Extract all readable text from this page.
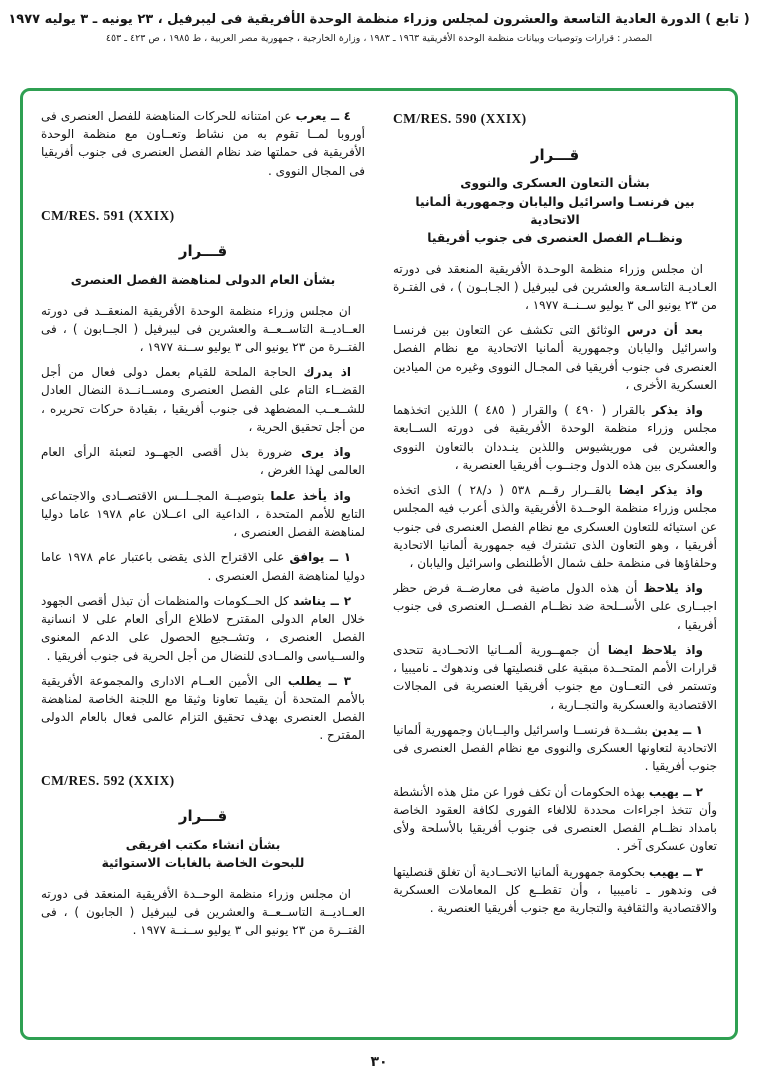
( تابع ) الدورة العادية التاسعة والعشرون لمجلس وزراء منظمة الوحدة الأفريقية فى ليبرفيل ، ٢٣ يونيه ـ ٣ يوليه ١٩٧٧
المصدر : قرارات وتوصيات وبيانات منظمة الوحدة الأفريقية ١٩٦٣ ـ ١٩٨٣ ، وزارة الخارجية ، جمهورية مصر العربية ، ط ١٩٨٥ ، ص ٤٢٣ ـ ٤٥٣
CM/RES. 590 (XXIX)
قـــرار
بشأن التعاون العسكرى والنووى
بين فرنسـا واسرائيل واليابان وجمهورية ألمانيا الاتحادية
ونظــام الفصل العنصرى فى جنوب أفريقيا

ان مجلس وزراء منظمة الوحـدة الأفريقية المنعقد فى دورته العـاديـة التاسـعة والعشرين فى ليبرفيل ( الجـابـون ) ، فى الفتـرة من ٢٣ يونيو الى ٣ يوليو ســنــة ١٩٧٧ ،

بعد أن درس الوثائق التى تكشف عن التعاون بين فرنسـا واسرائيل واليابان وجمهورية ألمانيا الاتحادية مع نظام الفصل العنصرى فى جنوب أفريقيا فى المجـال النووى وغيره من الميادين العسكرية الأخرى ،

واذ يذكر بالقرار ( ٤٩٠ ) والقرار ( ٤٨٥ ) اللذين اتخذهما مجلس وزراء منظمة الوحدة الأفريقية فى دورته الســابعة والعشرين فى موريشيوس واللذين ينـددان بالتعاون النووى والعسكرى بين هذه الدول وجنــوب أفريقيا العنصرية ،

واذ يذكر ايضا بالقــرار رقــم ٥٣٨ ( د/٢٨ ) الذى اتخذه مجلس وزراء منظمة الوحــدة الأفريقية والذى أعرب فيه المجلس عن استيائه للتعاون العسكرى مع نظام الفصل العنصرى فى جنوب أفريقيا ، وهو التعاون الذى تشترك فيه جمهورية ألمانيا الاتحادية وحلفاؤها فى منظمة حلف شمال الأطلنطى واسرائيل واليابان ،

واذ يلاحظ أن هذه الدول ماضية فى معارضــة فرض حظر اجبــارى على الأســلحة ضد نظــام الفصــل العنصرى فى جنوب أفريقيا ،

واذ يلاحظ ايضا أن جمهــورية ألمــانيا الاتحــادية تتحدى قرارات الأمم المتحــدة مبقية على قنصليتها فى وندهوك ـ ناميبيا ، وتستمر فى التعــاون مع جنوب أفريقيا العنصرية فى المجالات الاقتصادية والعسكرية والتجــارية ،

١ ــ يدين بشــدة فرنســا واسرائيل واليــابان وجمهورية ألمانيا الاتحادية لتعاونها العسكرى والنووى مع نظام الفصل العنصرى فى جنوب أفريقيا .

٢ ــ يهيب بهذه الحكومات أن تكف فورا عن مثل هذه الأنشطة وأن تتخذ اجراءات محددة للالغاء الفورى لكافة العقود الخاصة بامداد نظــام الفصل العنصرى فى جنوب أفريقيا بالأسلحة ولأى تعاون عسكرى آخر .

٣ ــ يهيب بحكومة جمهورية ألمانيا الاتحــادية أن تغلق قنصليتها فى وندهور ـ ناميبيا ، وأن تقطــع كل المعاملات العسكرية والاقتصادية والثقافية والتجارية مع جنوب أفريقيا العنصرية .

٤ ــ يعرب عن امتنانه للحركات المناهضة للفصل العنصرى فى أوروبا لمــا تقوم به من نشاط وتعــاون مع منظمة الوحدة الأفريقية فى حملتها ضد نظام الفصل العنصرى فى جنوب أفريقيا فى المجال النووى .

CM/RES. 591 (XXIX)
قـــرار
بشأن العام الدولى لمناهضة الفصل العنصرى

ان مجلس وزراء منظمة الوحدة الأفريقية المنعقــد فى دورته العــاديــة التاســعــة والعشرين فى ليبرفيل ( الجــابون ) ، فى الفتــرة من ٢٣ يونيو الى ٣ يوليو ســنة ١٩٧٧ ،

اذ يدرك الحاجة الملحة للقيام بعمل دولى فعال من أجل القضــاء التام على الفصل العنصرى ومســانــدة النضال العادل للشــعــب المضطهد فى جنوب أفريقيا ، بقيادة حركات تحريره ، من أجل تحقيق الحرية ،

واذ يرى ضرورة بذل أقصى الجهــود لتعبئة الرأى العام العالمى لهذا الغرض ،

واذ يأخذ علما بتوصيــة المجــلــس الاقتصــادى والاجتماعى التابع للأمم المتحدة ، الداعية الى اعــلان عام ١٩٧٨ عاما دوليا لمناهضة الفصل العنصرى ،

١ ــ يوافق على الاقتراح الذى يقضى باعتبار عام ١٩٧٨ عاما دوليا لمناهضة الفصل العنصرى .

٢ ــ يناشد كل الحــكومات والمنظمات أن تبذل أقصى الجهود خلال العام الدولى المقترح لاطلاع الرأى العام على لا انسانية الفصل العنصرى ، وتشــجيع الحصول على الدعم المعنوى والســياسى والمــادى للنضال من أجل الحرية فى جنوب أفريقيا .

٣ ــ يطلب الى الأمين العــام الادارى والمجموعة الأفريقية بالأمم المتحدة أن يقيما تعاونا وثيقا مع اللجنة الخاصة لمناهضة الفصل العنصرى بهدف تحقيق التزام عالمى فعال بالعام الدولى المقترح .

CM/RES. 592 (XXIX)
قـــرار
بشأن انشاء مكتب افريقى
للبحوث الخاصة بالغابات الاستوائية

ان مجلس وزراء منظمة الوحــدة الأفريقية المنعقد فى دورته العــاديــة التاســعــة والعشرين فى ليبرفيل ( الجابون ) ، فى الفتــرة من ٢٣ يونيو الى ٣ يوليو ســنــة ١٩٧٧ .

٣٠
